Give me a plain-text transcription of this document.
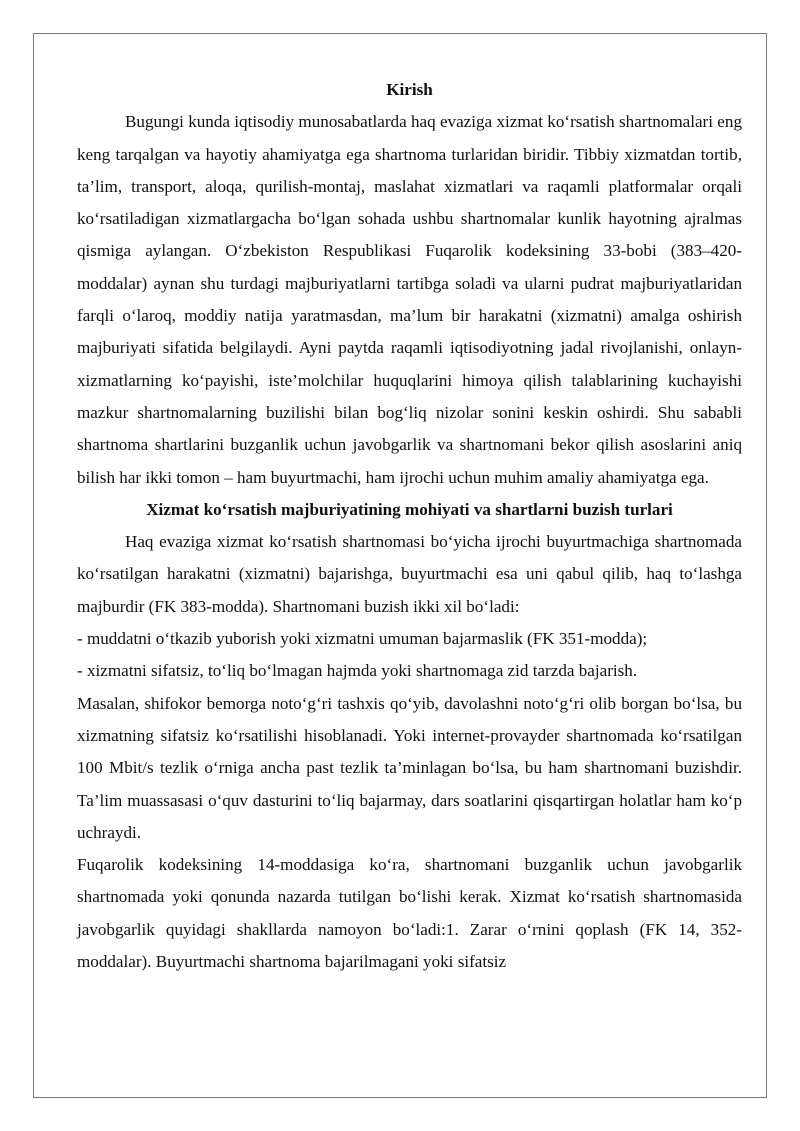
Kirish

Bugungi kunda iqtisodiy munosabatlarda haq evaziga xizmat ko‘rsatish shartnomalari eng keng tarqalgan va hayotiy ahamiyatga ega shartnoma turlaridan biridir. Tibbiy xizmatdan tortib, ta’lim, transport, aloqa, qurilish-montaj, maslahat xizmatlari va raqamli platformalar orqali ko‘rsatiladigan xizmatlargacha bo‘lgan sohada ushbu shartnomalar kunlik hayotning ajralmas qismiga aylangan. O‘zbekiston Respublikasi Fuqarolik kodeksining 33-bobi (383–420-moddalar) aynan shu turdagi majburiyatlarni tartibga soladi va ularni pudrat majburiyatlaridan farqli o‘laroq, moddiy natija yaratmasdan, ma’lum bir harakatni (xizmatni) amalga oshirish majburiyati sifatida belgilaydi. Ayni paytda raqamli iqtisodiyotning jadal rivojlanishi, onlayn-xizmatlarning ko‘payishi, iste’molchilar huquqlarini himoya qilish talablarining kuchayishi mazkur shartnomalarning buzilishi bilan bog‘liq nizolar sonini keskin oshirdi. Shu sababli shartnoma shartlarini buzganlik uchun javobgarlik va shartnomani bekor qilish asoslarini aniq bilish har ikki tomon – ham buyurtmachi, ham ijrochi uchun muhim amaliy ahamiyatga ega.

Xizmat ko‘rsatish majburiyatining mohiyati va shartlarni buzish turlari

Haq evaziga xizmat ko‘rsatish shartnomasi bo‘yicha ijrochi buyurtmachiga shartnomada ko‘rsatilgan harakatni (xizmatni) bajarishga, buyurtmachi esa uni qabul qilib, haq to‘lashga majburdir (FK 383-modda). Shartnomani buzish ikki xil bo‘ladi:

- muddatni o‘tkazib yuborish yoki xizmatni umuman bajarmaslik (FK 351-modda);

- xizmatni sifatsiz, to‘liq bo‘lmagan hajmda yoki shartnomaga zid tarzda bajarish.

Masalan, shifokor bemorga noto‘g‘ri tashxis qo‘yib, davolashni noto‘g‘ri olib borgan bo‘lsa, bu xizmatning sifatsiz ko‘rsatilishi hisoblanadi. Yoki internet-provayder shartnomada ko‘rsatilgan 100 Mbit/s tezlik o‘rniga ancha past tezlik ta’minlagan bo‘lsa, bu ham shartnomani buzishdir. Ta’lim muassasasi o‘quv dasturini to‘liq bajarmay, dars soatlarini qisqartirgan holatlar ham ko‘p uchraydi.

Fuqarolik kodeksining 14-moddasiga ko‘ra, shartnomani buzganlik uchun javobgarlik shartnomada yoki qonunda nazarda tutilgan bo‘lishi kerak. Xizmat ko‘rsatish shartnomasida javobgarlik quyidagi shakllarda namoyon bo‘ladi:1. Zarar o‘rnini qoplash (FK 14, 352-moddalar). Buyurtmachi shartnoma bajarilmagani yoki sifatsiz
